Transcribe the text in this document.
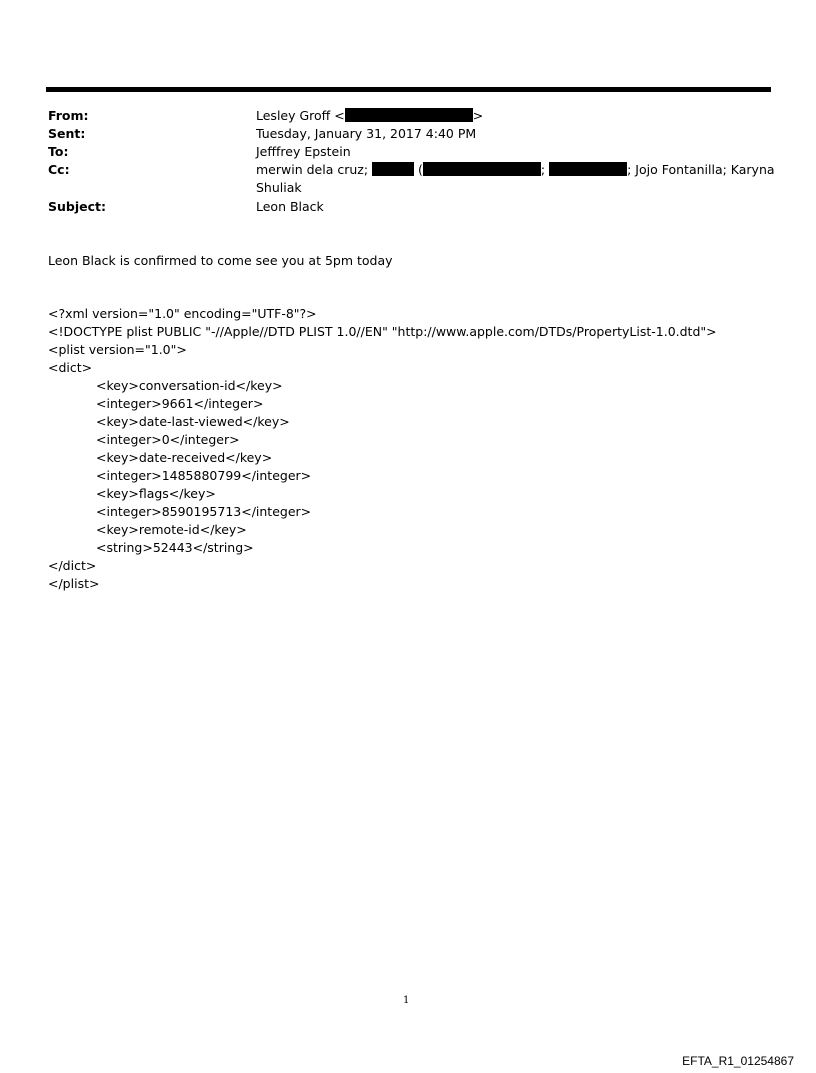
From:	Lesley Groff <	>
Sent:	Tuesday, January 31, 2017 4:40 PM
To:	Jefffrey Epstein
Cc:	merwin dela cruz;	(	;	; Jojo Fontanilla; Karyna
Shuliak
Subject:	Leon Black
Leon Black is confirmed to come see you at 5pm today
<?xml version="1.0" encoding="UTF-8"?>
<!DOCTYPE plist PUBLIC "-//Apple//DTD PLIST 1.0//EN" "http://www.apple.com/DTDs/PropertyList-1.0.dtd">
<plist version="1.0">
<dict>
<key>conversation-id</key>
<integer>9661</integer>
<key>date-last-viewed</key>
<integer>0</integer>
<key>date-received</key>
<integer>1485880799</integer>
<key>flags</key>
<integer>8590195713</integer>
<key>remote-id</key>
<string>52443</string>
</dict>
</plist>
1
EFTA_R1_01254867
